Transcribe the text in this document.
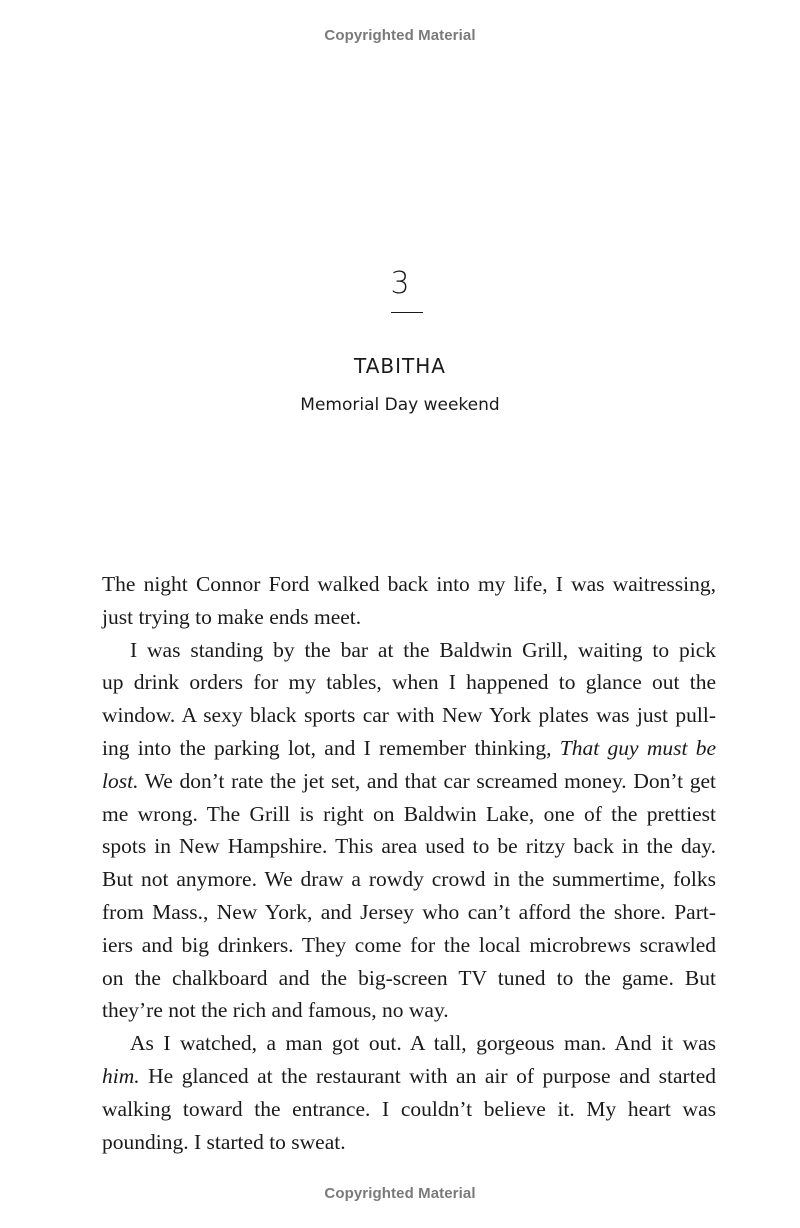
Copyrighted Material
3
TABITHA
Memorial Day weekend
The night Connor Ford walked back into my life, I was waitressing,
just trying to make ends meet.
I was standing by the bar at the Baldwin Grill, waiting to pick
up drink orders for my tables, when I happened to glance out the
window. A sexy black sports car with New York plates was just pull-
ing into the parking lot, and I remember thinking, That guy must be
lost. We don’t rate the jet set, and that car screamed money. Don’t get
me wrong. The Grill is right on Baldwin Lake, one of the prettiest
spots in New Hampshire. This area used to be ritzy back in the day.
But not anymore. We draw a rowdy crowd in the summertime, folks
from Mass., New York, and Jersey who can’t afford the shore. Part-
iers and big drinkers. They come for the local microbrews scrawled
on the chalkboard and the big-screen TV tuned to the game. But
they’re not the rich and famous, no way.
As I watched, a man got out. A tall, gorgeous man. And it was
him. He glanced at the restaurant with an air of purpose and started
walking toward the entrance. I couldn’t believe it. My heart was
pounding. I started to sweat.
Copyrighted Material
